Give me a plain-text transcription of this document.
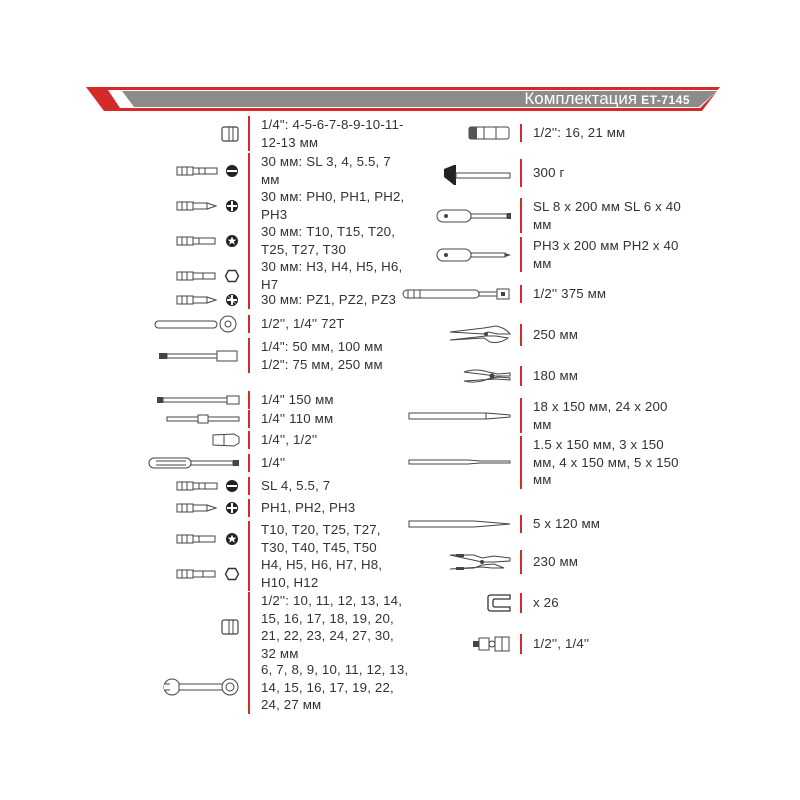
Комплектация ET-7145
1/4": 4-5-6-7-8-9-10-11-12-13 мм
30 мм: SL 3, 4, 5.5, 7 мм
30 мм: PH0, PH1, PH2, PH3
30 мм: T10, T15, T20, T25, T27, T30
30 мм: H3, H4, H5, H6, H7
30 мм: PZ1, PZ2, PZ3
1/2'', 1/4'' 72T
1/4": 50 мм, 100 мм 1/2": 75 мм, 250 мм
1/4" 150 мм
1/4'' 110 мм
1/4'', 1/2''
1/4''
SL 4, 5.5, 7
PH1, PH2, PH3
T10, T20, T25, T27, T30, T40, T45, T50
H4, H5, H6, H7, H8, H10, H12
1/2'': 10, 11, 12, 13, 14, 15, 16, 17, 18, 19, 20, 21, 22, 23, 24, 27, 30, 32 мм
6, 7, 8, 9, 10, 11, 12, 13, 14, 15, 16, 17, 19, 22, 24, 27 мм
1/2'': 16, 21 мм
300 г
SL 8 х 200 мм SL 6 х 40 мм
PH3 х 200 мм PH2 х 40 мм
1/2'' 375 мм
250 мм
180 мм
18 х 150 мм, 24 х 200 мм
1.5 х 150 мм, 3 х 150 мм, 4 х 150 мм, 5 х 150 мм
5 х 120 мм
230 мм
х 26
1/2'', 1/4''
